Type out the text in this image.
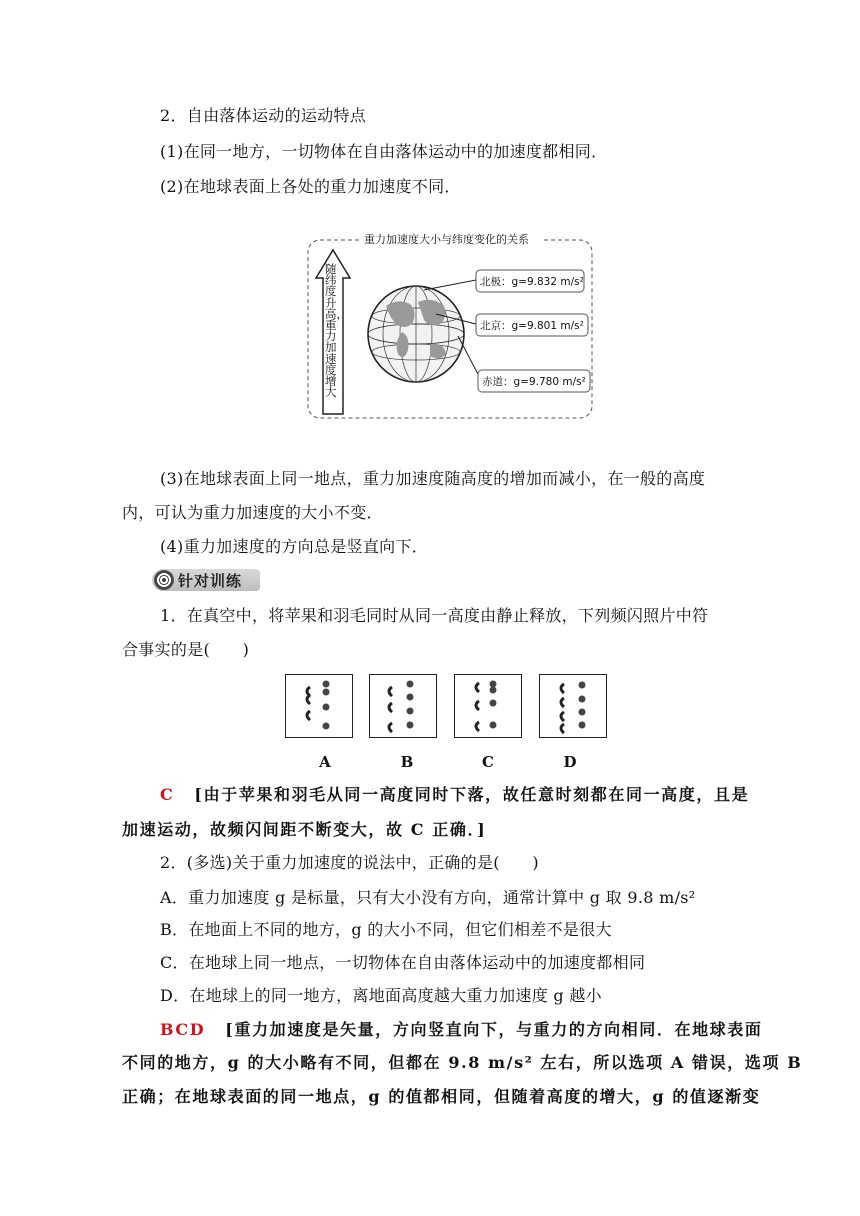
2．自由落体运动的运动特点
(1)在同一地方，一切物体在自由落体运动中的加速度都相同．
(2)在地球表面上各处的重力加速度不同．
重力加速度大小与纬度变化的关系
随纬度升高，重力加速度增大
北极：g=9.832 m/s²
北京：g=9.801 m/s²
赤道：g=9.780 m/s²
(3)在地球表面上同一地点，重力加速度随高度的增加而减小，在一般的高度
内，可认为重力加速度的大小不变．
(4)重力加速度的方向总是竖直向下．
针对训练
1．在真空中，将苹果和羽毛同时从同一高度由静止释放，下列频闪照片中符
合事实的是(　　)
A	B	C	D
C [由于苹果和羽毛从同一高度同时下落，故任意时刻都在同一高度，且是
加速运动，故频闪间距不断变大，故 C 正确．]
2．(多选)关于重力加速度的说法中，正确的是(　　)
A．重力加速度 g 是标量，只有大小没有方向，通常计算中 g 取 9.8 m/s²
B．在地面上不同的地方，g 的大小不同，但它们相差不是很大
C．在地球上同一地点，一切物体在自由落体运动中的加速度都相同
D．在地球上的同一地方，离地面高度越大重力加速度 g 越小
BCD [重力加速度是矢量，方向竖直向下，与重力的方向相同．在地球表面
不同的地方，g 的大小略有不同，但都在 9.8 m/s² 左右，所以选项 A 错误，选项 B
正确；在地球表面的同一地点，g 的值都相同，但随着高度的增大，g 的值逐渐变
